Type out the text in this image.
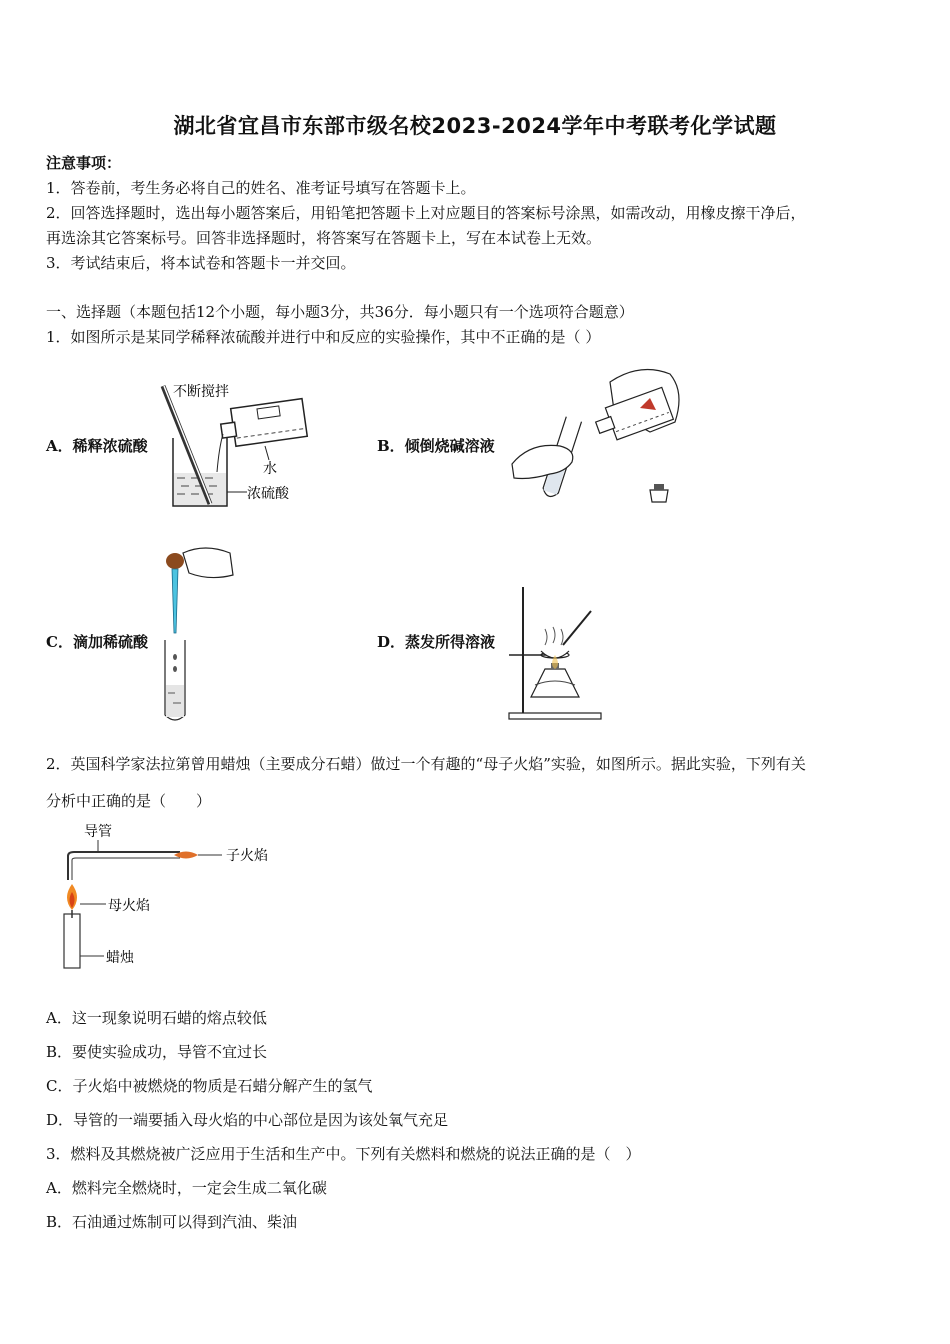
湖北省宜昌市东部市级名校2023-2024学年中考联考化学试题
注意事项：
1．答卷前，考生务必将自己的姓名、准考证号填写在答题卡上。
2．回答选择题时，选出每小题答案后，用铅笔把答题卡上对应题目的答案标号涂黑，如需改动，用橡皮擦干净后，
再选涂其它答案标号。回答非选择题时，将答案写在答题卡上，写在本试卷上无效。
3．考试结束后，将本试卷和答题卡一并交回。
一、选择题（本题包括12个小题，每小题3分，共36分．每小题只有一个选项符合题意）
1．如图所示是某同学稀释浓硫酸并进行中和反应的实验操作，其中不正确的是（ ）
A．稀释浓硫酸	B．倾倒烧碱溶液
C．滴加稀硫酸	D．蒸发所得溶液
不断搅拌
水
浓硫酸
2．英国科学家法拉第曾用蜡烛（主要成分石蜡）做过一个有趣的“母子火焰”实验，如图所示。据此实验，下列有关
分析中正确的是（　　）
导管
子火焰
母火焰
蜡烛
A．这一现象说明石蜡的熔点较低
B．要使实验成功，导管不宜过长
C．子火焰中被燃烧的物质是石蜡分解产生的氢气
D．导管的一端要插入母火焰的中心部位是因为该处氧气充足
3．燃料及其燃烧被广泛应用于生活和生产中。下列有关燃料和燃烧的说法正确的是（　）
A．燃料完全燃烧时，一定会生成二氧化碳
B．石油通过炼制可以得到汽油、柴油
